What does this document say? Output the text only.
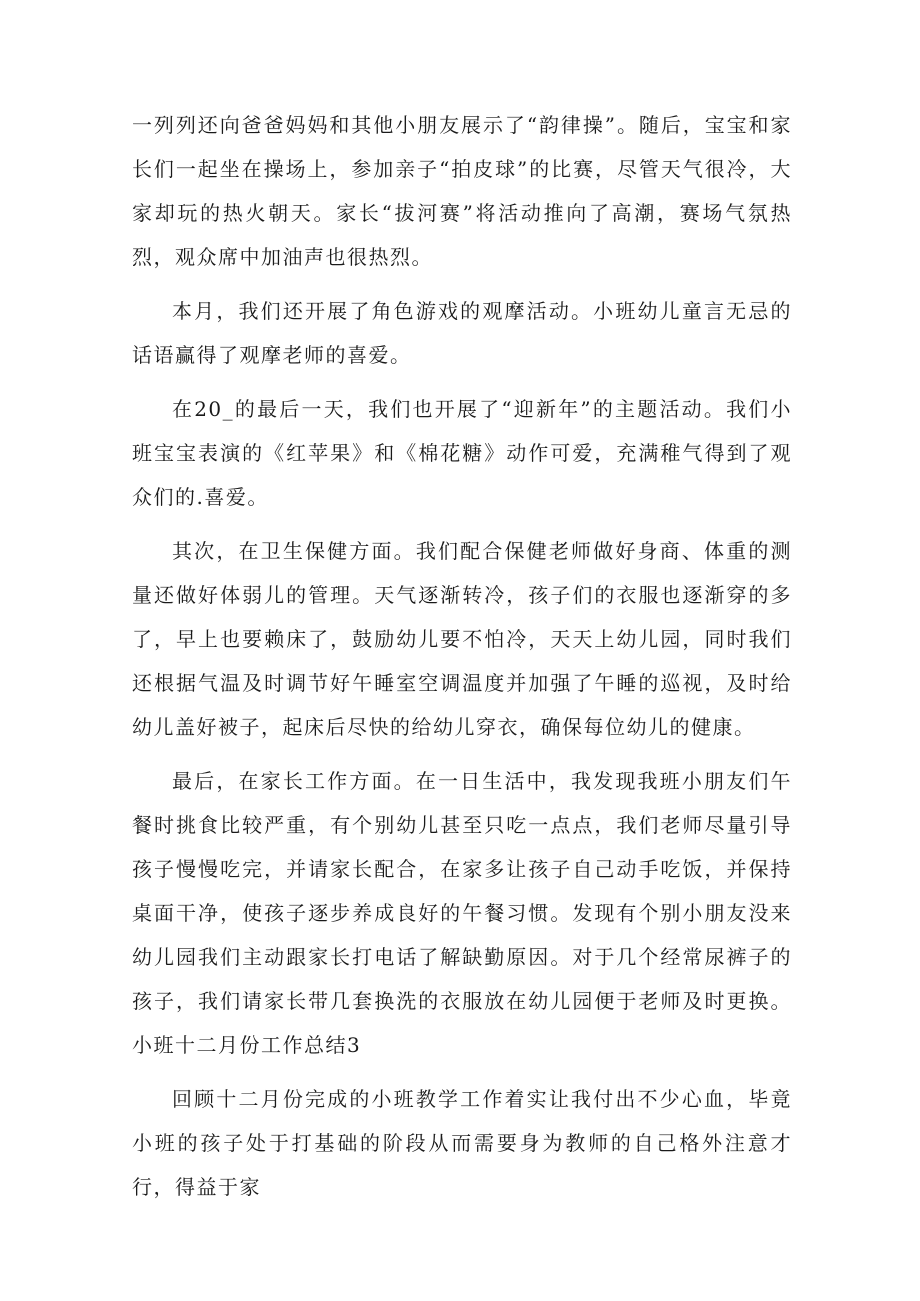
一列列还向爸爸妈妈和其他小朋友展示了“韵律操”。随后，宝宝和家长们一起坐在操场上，参加亲子“拍皮球”的比赛，尽管天气很冷，大家却玩的热火朝天。家长“拔河赛”将活动推向了高潮，赛场气氛热烈，观众席中加油声也很热烈。

本月，我们还开展了角色游戏的观摩活动。小班幼儿童言无忌的话语赢得了观摩老师的喜爱。

在20_的最后一天，我们也开展了“迎新年”的主题活动。我们小班宝宝表演的《红苹果》和《棉花糖》动作可爱，充满稚气得到了观众们的.喜爱。

其次，在卫生保健方面。我们配合保健老师做好身商、体重的测量还做好体弱儿的管理。天气逐渐转冷，孩子们的衣服也逐渐穿的多了，早上也要赖床了，鼓励幼儿要不怕冷，天天上幼儿园，同时我们还根据气温及时调节好午睡室空调温度并加强了午睡的巡视，及时给幼儿盖好被子，起床后尽快的给幼儿穿衣，确保每位幼儿的健康。

最后，在家长工作方面。在一日生活中，我发现我班小朋友们午餐时挑食比较严重，有个别幼儿甚至只吃一点点，我们老师尽量引导孩子慢慢吃完，并请家长配合，在家多让孩子自己动手吃饭，并保持桌面干净，使孩子逐步养成良好的午餐习惯。发现有个别小朋友没来幼儿园我们主动跟家长打电话了解缺勤原因。对于几个经常尿裤子的孩子，我们请家长带几套换洗的衣服放在幼儿园便于老师及时更换。小班十二月份工作总结3

回顾十二月份完成的小班教学工作着实让我付出不少心血，毕竟小班的孩子处于打基础的阶段从而需要身为教师的自己格外注意才行，得益于家
